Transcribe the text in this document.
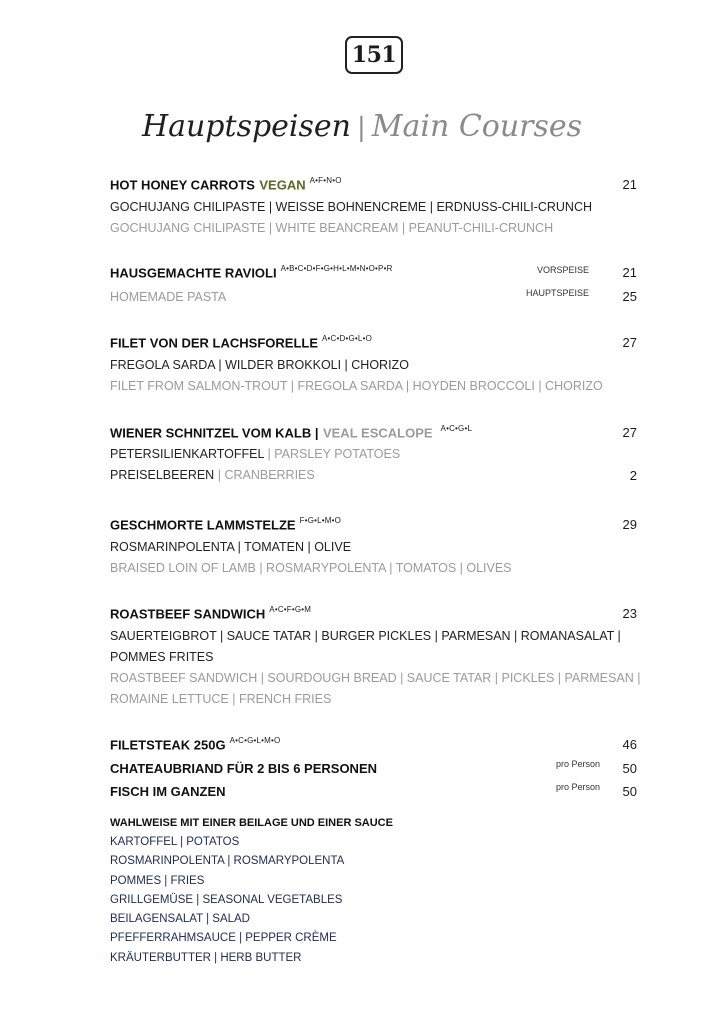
151
Hauptspeisen | Main Courses
HOT HONEY CARROTS VEGAN $^{A•F•N•O}$	21
GOCHUJANG CHILIPASTE | WEISSE BOHNENCREME | ERDNUSS-CHILI-CRUNCH
GOCHUJANG CHILIPASTE | WHITE BEANCREAM | PEANUT-CHILI-CRUNCH
HAUSGEMACHTE RAVIOLI $^{A•B•C•D•F•G•H•L•M•N•O•P•R}$	VORSPEISE	21
HOMEMADE PASTA	HAUPTSPEISE	25
FILET VON DER LACHSFORELLE $^{A•C•D•G•L•O}$	27
FREGOLA SARDA | WILDER BROKKOLI | CHORIZO
FILET FROM SALMON-TROUT | FREGOLA SARDA | HOYDEN BROCCOLI | CHORIZO
WIENER SCHNITZEL VOM KALB | VEAL ESCALOPE $^{A•C•G•L}$	27
PETERSILIENKARTOFFEL | PARSLEY POTATOES
PREISELBEEREN | CRANBERRIES	2
GESCHMORTE LAMMSTELZE $^{F•G•L•M•O}$	29
ROSMARINPOLENTA | TOMATEN | OLIVE
BRAISED LOIN OF LAMB | ROSMARYPOLENTA | TOMATOS | OLIVES
ROASTBEEF SANDWICH $^{A•C•F•G•M}$	23
SAUERTEIGBROT | SAUCE TATAR | BURGER PICKLES | PARMESAN | ROMANASALAT |
POMMES FRITES
ROASTBEEF SANDWICH | SOURDOUGH BREAD | SAUCE TATAR | PICKLES | PARMESAN |
ROMAINE LETTUCE | FRENCH FRIES
FILETSTEAK 250G $^{A•C•G•L•M•O}$	46
CHATEAUBRIAND FÜR 2 BIS 6 PERSONEN	pro Person 50
FISCH IM GANZEN	pro Person 50
WAHLWEISE MIT EINER BEILAGE UND EINER SAUCE
KARTOFFEL | POTATOS
ROSMARINPOLENTA | ROSMARYPOLENTA
POMMES | FRIES
GRILLGEMÜSE | SEASONAL VEGETABLES
BEILAGENSALAT | SALAD
PFEFFERRAHMSAUCE | PEPPER CRÈME
KRÄUTERBUTTER | HERB BUTTER
